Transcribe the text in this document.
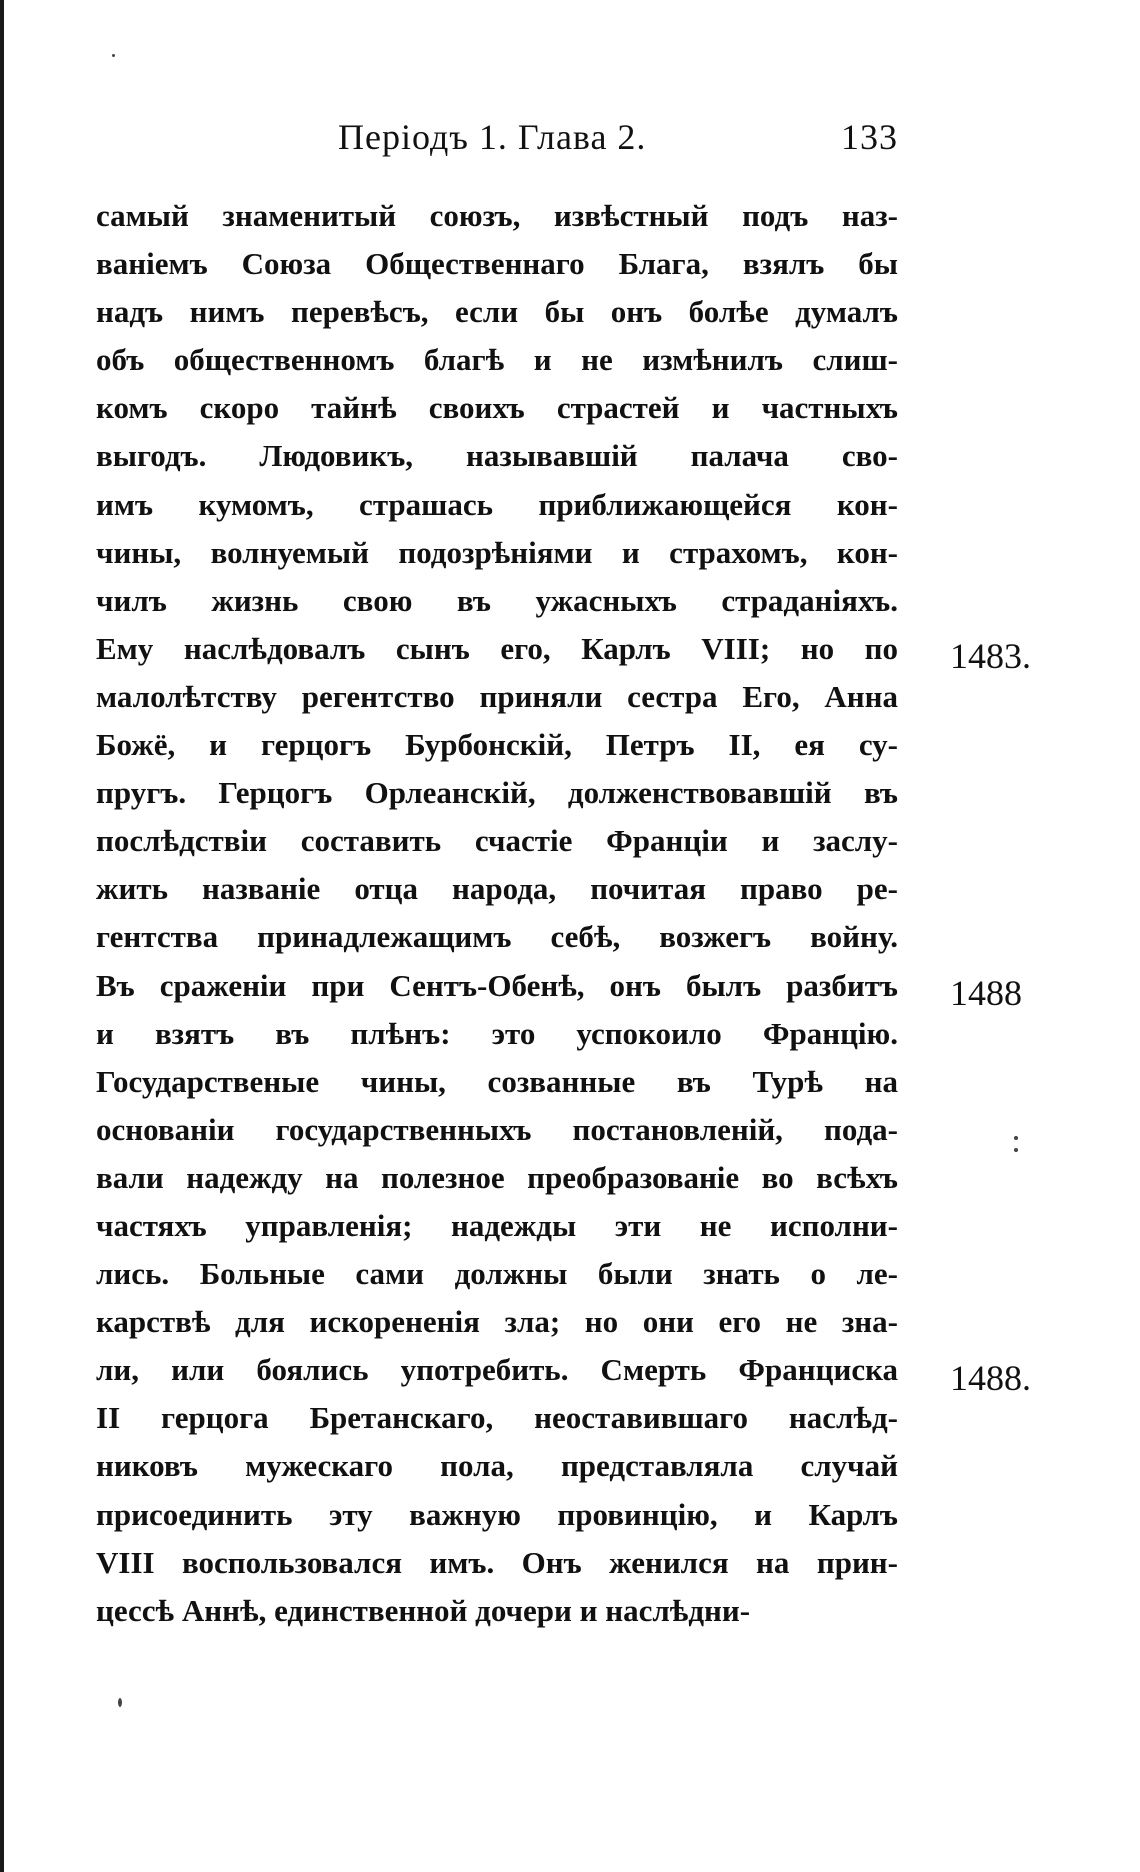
Періодъ 1. Глава 2.	133
самый знаменитый союзъ, извѣстный подъ наз-
ваніемъ Союза Общественнаго Блага, взялъ бы
надъ нимъ перевѣсъ, если бы онъ болѣе думалъ
объ общественномъ благѣ и не измѣнилъ слиш-
комъ скоро тайнѣ своихъ страстей и частныхъ
выгодъ. Людовикъ, называвшій палача сво-
имъ кумомъ, страшась приближающейся кон-
чины, волнуемый подозрѣніями и страхомъ, кон-
чилъ жизнь свою въ ужасныхъ страданіяхъ.
Ему наслѣдовалъ сынъ его, Карлъ VIII; но по
малолѣтству регентство приняли сестра Его, Анна
Божё, и герцогъ Бурбонскій, Петръ II, ея су-
пругъ. Герцогъ Орлеанскій, долженствовавшій въ
послѣдствіи составить счастіе Франціи и заслу-
жить названіе отца народа, почитая право ре-
гентства принадлежащимъ себѣ, возжегъ войну.
Въ сраженіи при Сентъ-Обенѣ, онъ былъ разбитъ
и взятъ въ плѣнъ: это успокоило Францію.
Государственые чины, созванные въ Турѣ на
основаніи государственныхъ постановленій, пода-
вали надежду на полезное преобразованіе во всѣхъ
частяхъ управленія; надежды эти не исполни-
лись. Больные сами должны были знать о ле-
карствѣ для искорененія зла; но они его не зна-
ли, или боялись употребить. Смерть Франциска
II герцога Бретанскаго, неоставившаго наслѣд-
никовъ мужескаго пола, представляла случай
присоединить эту важную провинцію, и Карлъ
VIII воспользовался имъ. Онъ женился на прин-
цессѣ Аннѣ, единственной дочери и наслѣдни-
1483.
1488
1488.
